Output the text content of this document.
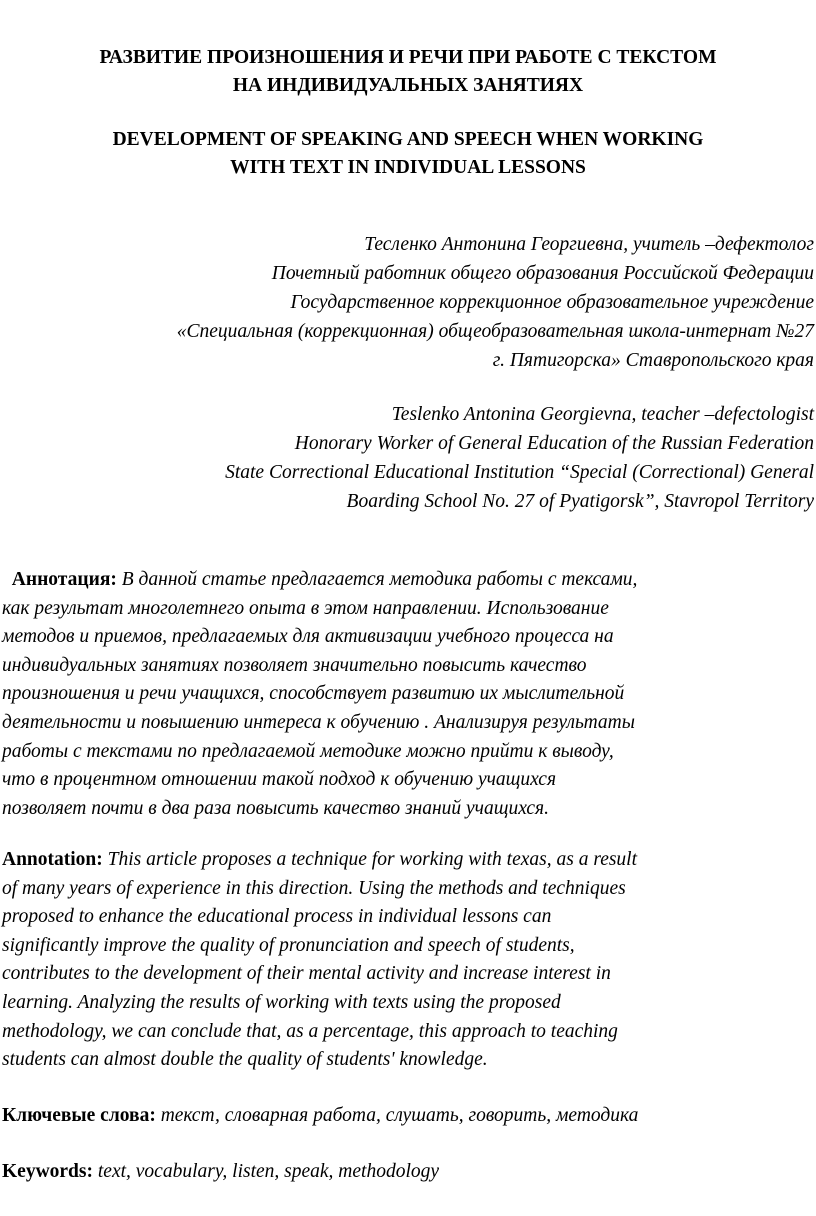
РАЗВИТИЕ ПРОИЗНОШЕНИЯ И РЕЧИ ПРИ РАБОТЕ С ТЕКСТОМ
НА ИНДИВИДУАЛЬНЫХ ЗАНЯТИЯХ
DEVELOPMENT OF SPEAKING AND SPEECH WHEN WORKING
WITH TEXT IN INDIVIDUAL LESSONS
Тесленко Антонина Георгиевна, учитель –дефектолог
Почетный работник общего образования Российской Федерации
Государственное коррекционное образовательное учреждение
«Специальная (коррекционная) общеобразовательная школа-интернат №27
г. Пятигорска» Ставропольского края
Teslenko Antonina Georgievna, teacher –defectologist
Honorary Worker of General Education of the Russian Federation
State Correctional Educational Institution “Special (Correctional) General
Boarding School No. 27 of Pyatigorsk”, Stavropol Territory
Аннотация: В данной статье предлагается методика работы с тексами,
как результат многолетнего опыта в этом направлении. Использование
методов и приемов, предлагаемых для активизации учебного процесса на
индивидуальных занятиях позволяет значительно повысить качество
произношения и речи учащихся, способствует развитию их мыслительной
деятельности и повышению интереса к обучению . Анализируя результаты
работы с текстами по предлагаемой методике можно прийти к выводу,
что в процентном отношении такой подход к обучению учащихся
позволяет почти в два раза повысить качество знаний учащихся.
Annotation: This article proposes a technique for working with texas, as a result
of many years of experience in this direction. Using the methods and techniques
proposed to enhance the educational process in individual lessons can
significantly improve the quality of pronunciation and speech of students,
contributes to the development of their mental activity and increase interest in
learning. Analyzing the results of working with texts using the proposed
methodology, we can conclude that, as a percentage, this approach to teaching
students can almost double the quality of students' knowledge.
Ключевые слова: текст, словарная работа, слушать, говорить, методика
Keywords: text, vocabulary, listen, speak, methodology
